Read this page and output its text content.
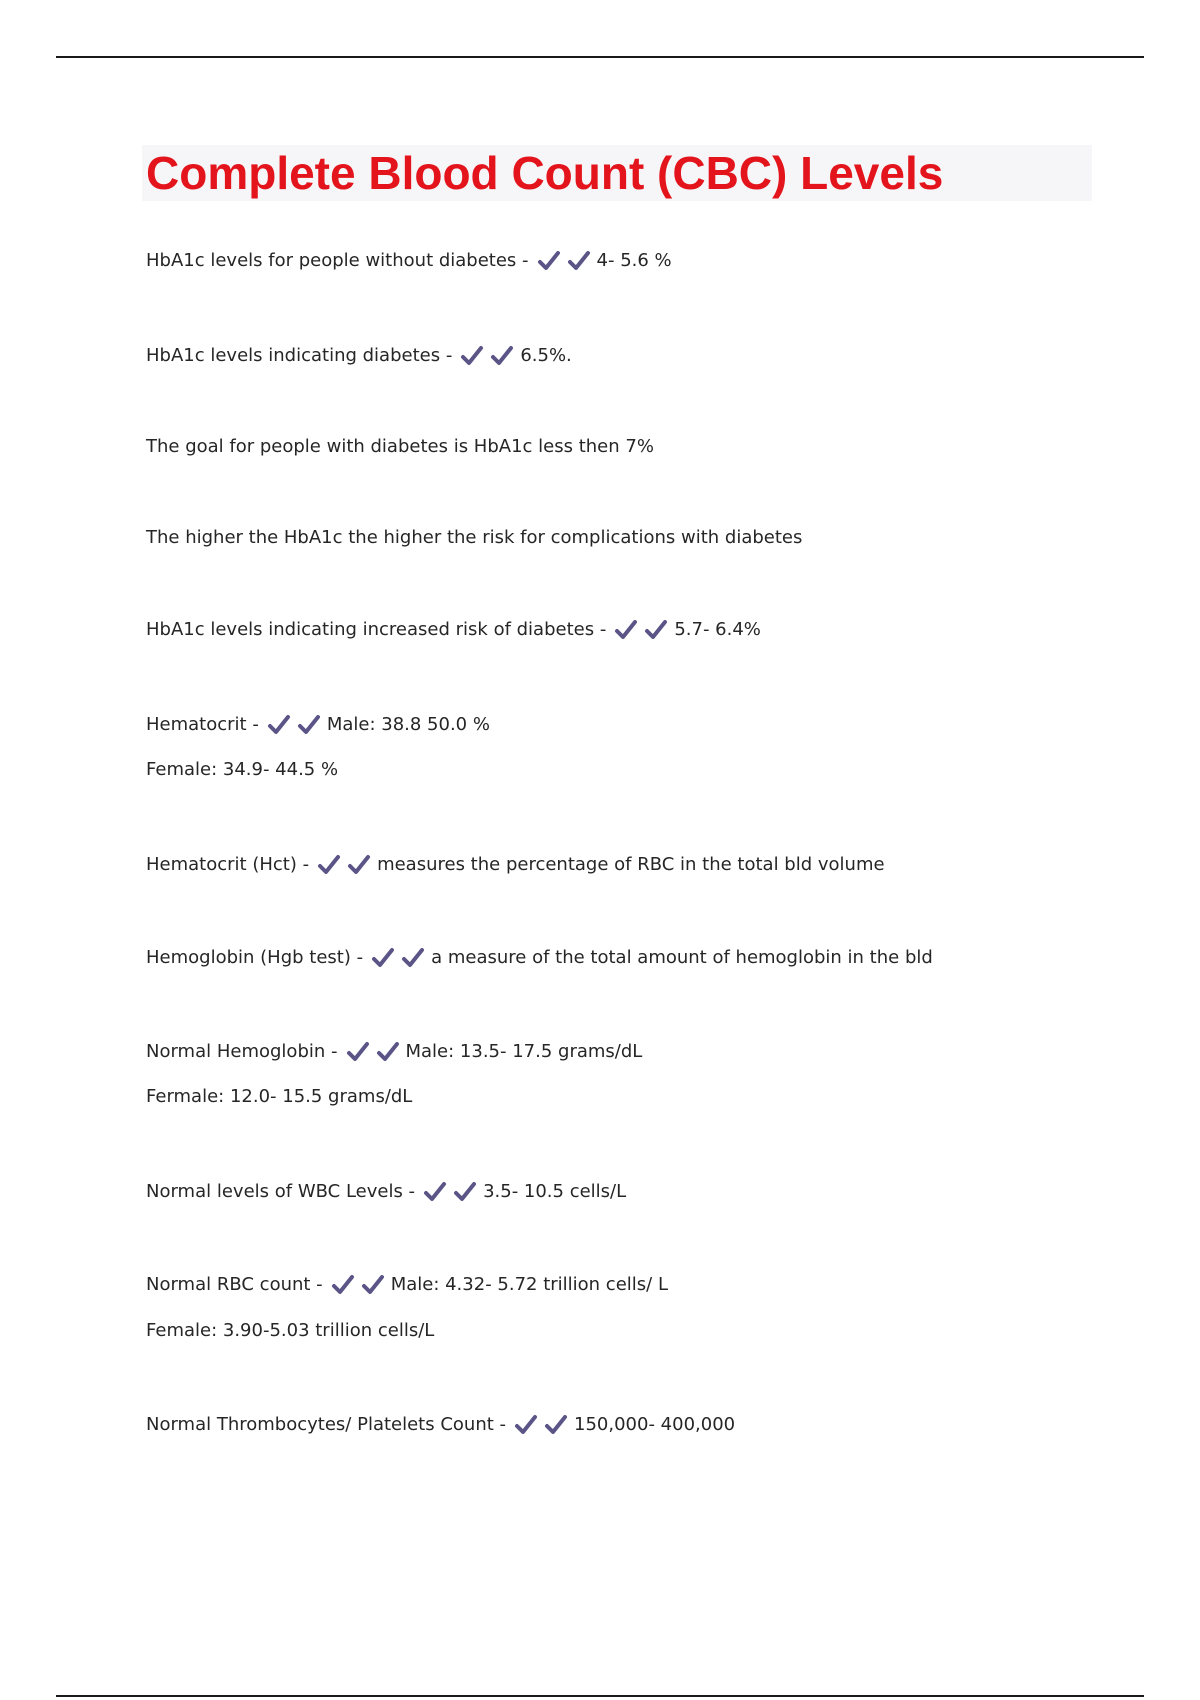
Complete Blood Count (CBC) Levels
HbA1c levels for people without diabetes -	4- 5.6 %
HbA1c levels indicating diabetes -	6.5%.
The goal for people with diabetes is HbA1c less then 7%
The higher the HbA1c the higher the risk for complications with diabetes
HbA1c levels indicating increased risk of diabetes -	5.7- 6.4%
Hematocrit -	Male: 38.8 50.0 %
Female: 34.9- 44.5 %
Hematocrit (Hct) -	measures the percentage of RBC in the total bld volume
Hemoglobin (Hgb test) -	a measure of the total amount of hemoglobin in the bld
Normal Hemoglobin -	Male: 13.5- 17.5 grams/dL
Fermale: 12.0- 15.5 grams/dL
Normal levels of WBC Levels -	3.5- 10.5 cells/L
Normal RBC count -	Male: 4.32- 5.72 trillion cells/ L
Female: 3.90-5.03 trillion cells/L
Normal Thrombocytes/ Platelets Count -	150,000- 400,000
